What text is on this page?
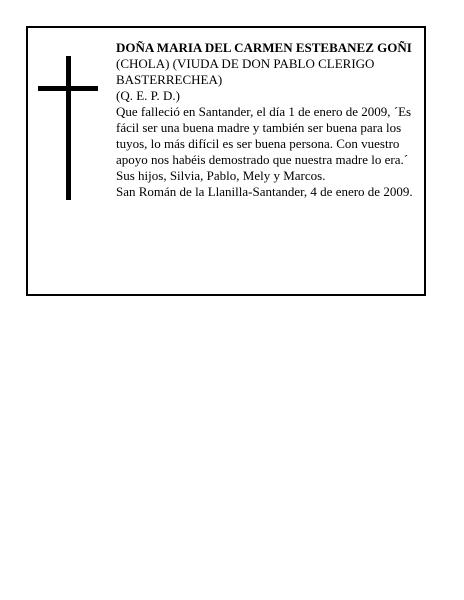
DOÑA MARIA DEL CARMEN ESTEBANEZ GOÑI

(CHOLA) (VIUDA DE DON PABLO CLERIGO BASTERRECHEA)

(Q. E. P. D.)

Que falleció en Santander, el día 1 de enero de 2009, ´Es fácil ser una buena madre y también ser buena para los tuyos, lo más difícil es ser buena persona. Con vuestro apoyo nos habéis demostrado que nuestra madre lo era.´ Sus hijos, Silvia, Pablo, Mely y Marcos.

San Román de la Llanilla-Santander, 4 de enero de 2009.
